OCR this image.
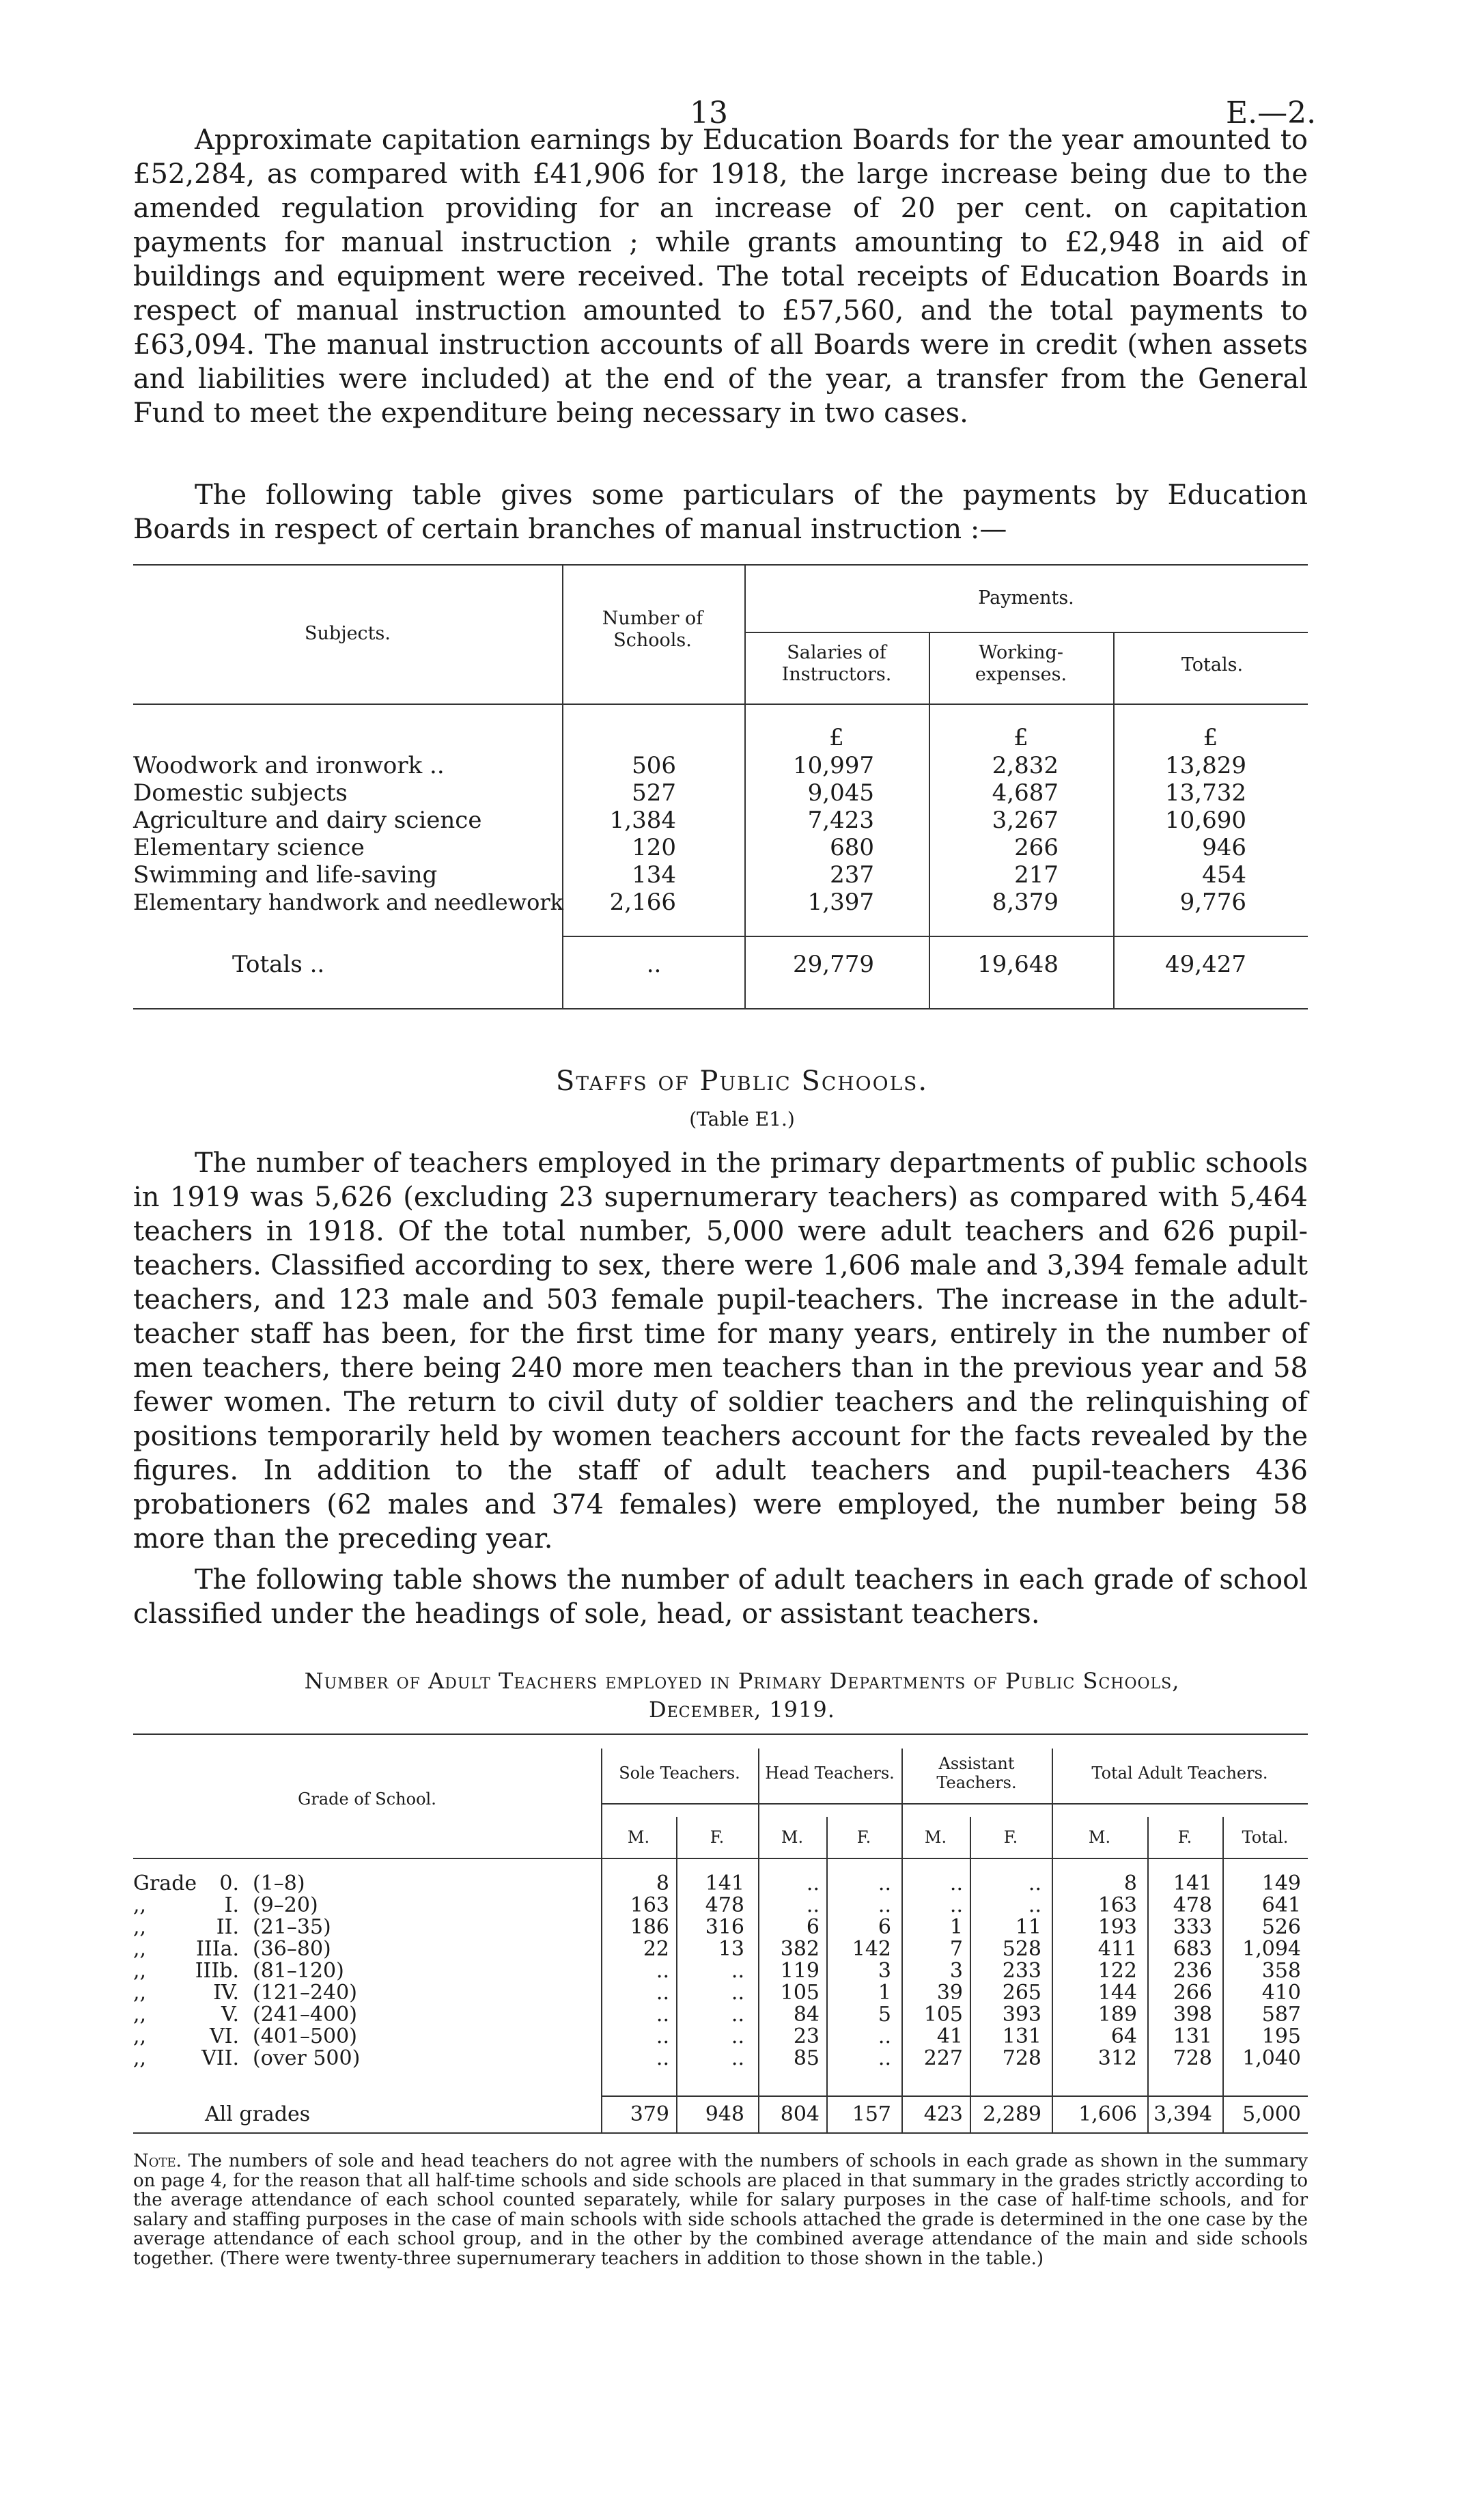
13	E.—2.

Approximate capitation earnings by Education Boards for the year amounted to £52,284, as compared with £41,906 for 1918, the large increase being due to the amended regulation providing for an increase of 20 per cent. on capitation payments for manual instruction ; while grants amounting to £2,948 in aid of buildings and equipment were received. The total receipts of Education Boards in respect of manual instruction amounted to £57,560, and the total payments to £63,094. The manual instruction accounts of all Boards were in credit (when assets and liabilities were included) at the end of the year, a transfer from the General Fund to meet the expenditure being necessary in two cases.

The following table gives some particulars of the payments by Education Boards in respect of certain branches of manual instruction :—

Subjects.
Number of Schools.
Payments.
Salaries of Instructors.
Working-expenses.	Totals.
£	£	£
Woodwork and ironwork ..	506	10,997	2,832	13,829
Domestic subjects	527	9,045	4,687	13,732
Agriculture and dairy science	1,384	7,423	3,267	10,690
Elementary science	120	680	266	946
Swimming and life-saving	134	237	217	454
Elementary handwork and needlework	2,166	1,397	8,379	9,776
Totals ..	..	29,779	19,648	49,427
Staffs of Public Schools.
(Table E1.)

The number of teachers employed in the primary departments of public schools in 1919 was 5,626 (excluding 23 supernumerary teachers) as compared with 5,464 teachers in 1918. Of the total number, 5,000 were adult teachers and 626 pupil-teachers. Classified according to sex, there were 1,606 male and 3,394 female adult teachers, and 123 male and 503 female pupil-teachers. The increase in the adult-teacher staff has been, for the first time for many years, entirely in the number of men teachers, there being 240 more men teachers than in the previous year and 58 fewer women. The return to civil duty of soldier teachers and the relinquishing of positions temporarily held by women teachers account for the facts revealed by the figures. In addition to the staff of adult teachers and pupil-teachers 436 probationers (62 males and 374 females) were employed, the number being 58 more than the preceding year.

The following table shows the number of adult teachers in each grade of school classified under the headings of sole, head, or assistant teachers.

Number of Adult Teachers employed in Primary Departments of Public Schools,
December, 1919.
Grade of School.
Sole Teachers.	Head Teachers.	Assistant Teachers.	Total Adult Teachers.
M.	F.	M.	F.	M.	F.	M.	F.	Total.
Grade	0. (1–8)	8	141	..	..	..	..	8	141	149
,,	I. (9–20)	163	478	..	..	..	..	163	478	641
,,	II. (21–35)	186	316	6	6	1	11	193	333	526
,,	IIIa. (36–80)	22	13	382	142	7	528	411	683	1,094
,,	IIIb. (81–120)	..	..	119	3	3	233	122	236	358
,,	IV. (121–240)	..	..	105	1	39	265	144	266	410
,,	V. (241–400)	..	..	84	5	105	393	189	398	587
,,	VI. (401–500)	..	..	23	..	41	131	64	131	195
,,	VII. (over 500)	..	..	85	..	227	728	312	728	1,040
All grades	379	948	804	157	423 2,289	1,606 3,394	5,000

Note. The numbers of sole and head teachers do not agree with the numbers of schools in each grade as shown in the summary on page 4, for the reason that all half-time schools and side schools are placed in that summary in the grades strictly according to the average attendance of each school counted separately, while for salary purposes in the case of half-time schools, and for salary and staffing purposes in the case of main schools with side schools attached the grade is determined in the one case by the average attendance of each school group, and in the other by the combined average attendance of the main and side schools together. (There were twenty-three supernumerary teachers in addition to those shown in the table.)
